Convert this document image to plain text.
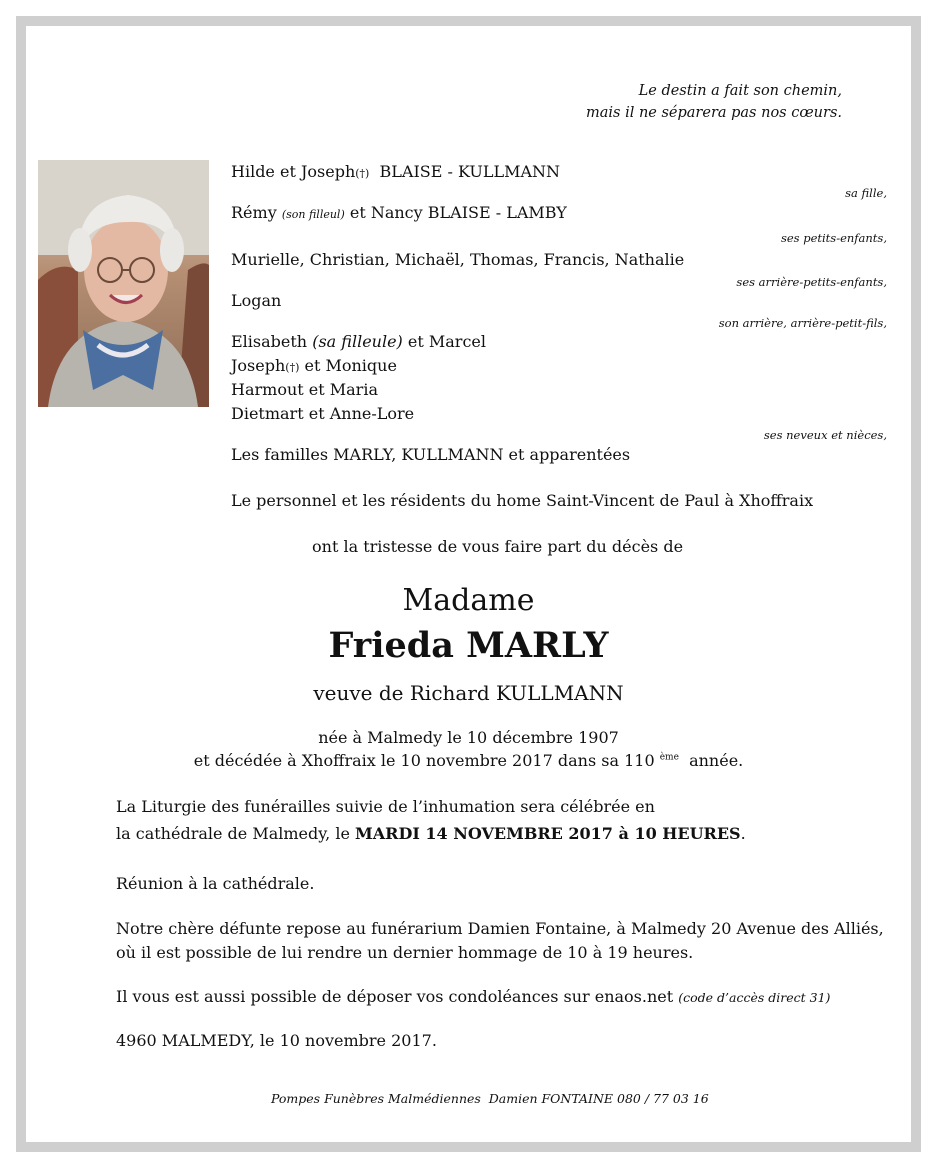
Le destin a fait son chemin,
mais il ne séparera pas nos cœurs.
Hilde et Joseph(†) BLAISE - KULLMANN
sa fille,
Rémy (son filleul) et Nancy BLAISE - LAMBY
ses petits-enfants,
Murielle, Christian, Michaël, Thomas, Francis, Nathalie
ses arrière-petits-enfants,
Logan
son arrière, arrière-petit-fils,
Elisabeth (sa filleule) et Marcel
Joseph(†) et Monique
Harmout et Maria
Dietmart et Anne-Lore
ses neveux et nièces,
Les familles MARLY, KULLMANN et apparentées
Le personnel et les résidents du home Saint-Vincent de Paul à Xhoffraix
ont la tristesse de vous faire part du décès de
Madame
Frieda MARLY
veuve de Richard KULLMANN
née à Malmedy le 10 décembre 1907
et décédée à Xhoffraix le 10 novembre 2017 dans sa 110 $^{ème}$ année.
La Liturgie des funérailles suivie de l’inhumation sera célébrée en
la cathédrale de Malmedy, le MARDI 14 NOVEMBRE 2017 à 10 HEURES.
Réunion à la cathédrale.
Notre chère défunte repose au funérarium Damien Fontaine, à Malmedy 20 Avenue des Alliés,
où il est possible de lui rendre un dernier hommage de 10 à 19 heures.
Il vous est aussi possible de déposer vos condoléances sur enaos.net (code d’accès direct 31)
4960 MALMEDY, le 10 novembre 2017.
Pompes Funèbres Malmédiennes  Damien FONTAINE 080 / 77 03 16
